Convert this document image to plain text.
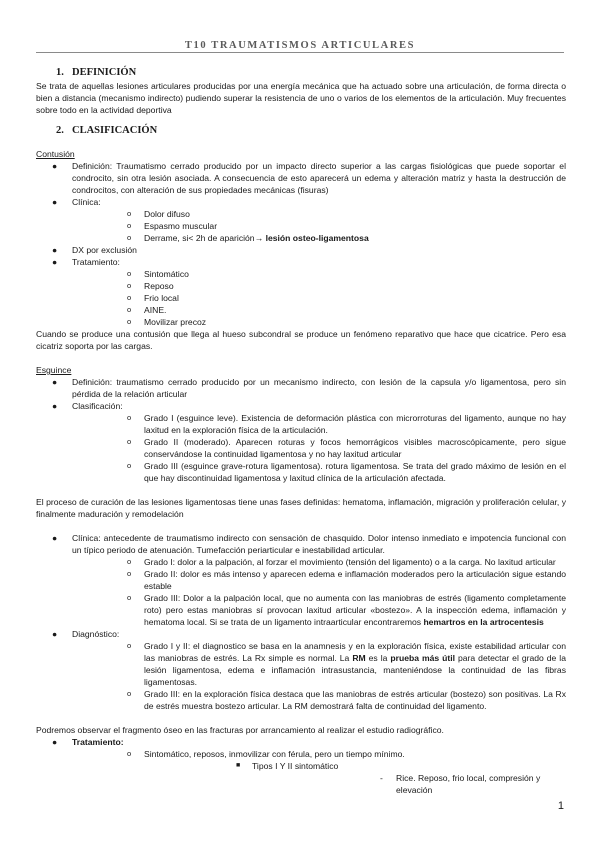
T10 TRAUMATISMOS ARTICULARES
1. DEFINICIÓN

Se trata de aquellas lesiones articulares producidas por una energía mecánica que ha actuado sobre una articulación, de forma directa o bien a distancia (mecanismo indirecto) pudiendo superar la resistencia de uno o varios de los elementos de la articulación. Muy frecuentes sobre todo en la actividad deportiva

2. CLASIFICACIÓN

Contusión

● Definición: Traumatismo cerrado producido por un impacto directo superior a las cargas fisiológicas que puede soportar el condrocito, sin otra lesión asociada. A consecuencia de esto aparecerá un edema y alteración matriz y hasta la destrucción de condrocitos, con alteración de sus propiedades mecánicas (fisuras)
● Clínica:
o Dolor difuso
o Espasmo muscular
o Derrame, si< 2h de aparición→ lesión osteo-ligamentosa
● DX por exclusión
● Tratamiento:
o Sintomático
o Reposo
o Frio local
o AINE.
o Movilizar precoz

Cuando se produce una contusión que llega al hueso subcondral se produce un fenómeno reparativo que hace que cicatrice. Pero esa cicatriz soporta por las cargas.

Esguince

● Definición: traumatismo cerrado producido por un mecanismo indirecto, con lesión de la capsula y/o ligamentosa, pero sin pérdida de la relación articular
● Clasificación:
o Grado I (esguince leve). Existencia de deformación plástica con microrroturas del ligamento, aunque no hay laxitud en la exploración física de la articulación.
o Grado II (moderado). Aparecen roturas y focos hemorrágicos visibles macroscópicamente, pero sigue conservándose la continuidad ligamentosa y no hay laxitud articular
o Grado III (esguince grave-rotura ligamentosa). rotura ligamentosa. Se trata del grado máximo de lesión en el que hay discontinuidad ligamentosa y laxitud clínica de la articulación afectada.

El proceso de curación de las lesiones ligamentosas tiene unas fases definidas: hematoma, inflamación, migración y proliferación celular, y finalmente maduración y remodelación

● Clínica: antecedente de traumatismo indirecto con sensación de chasquido. Dolor intenso inmediato e impotencia funcional con un típico periodo de atenuación. Tumefacción periarticular e inestabilidad articular.
o Grado I: dolor a la palpación, al forzar el movimiento (tensión del ligamento) o a la carga. No laxitud articular
o Grado II: dolor es más intenso y aparecen edema e inflamación moderados pero la articulación sigue estando estable
o Grado III: Dolor a la palpación local, que no aumenta con las maniobras de estrés (ligamento completamente roto) pero estas maniobras sí provocan laxitud articular «bostezo». A la inspección edema, inflamación y hematoma local. Si se trata de un ligamento intraarticular encontraremos hemartros en la artrocentesis
● Diagnóstico:
o Grado I y II: el diagnostico se basa en la anamnesis y en la exploración física, existe estabilidad articular con las maniobras de estrés. La Rx simple es normal. La RM es la prueba más útil para detectar el grado de la lesión ligamentosa, edema e inflamación intrasustancia, manteniéndose la continuidad de las fibras ligamentosas.
o Grado III: en la exploración física destaca que las maniobras de estrés articular (bostezo) son positivas. La Rx de estrés muestra bostezo articular. La RM demostrará falta de continuidad del ligamento.

Podremos observar el fragmento óseo en las fracturas por arrancamiento al realizar el estudio radiográfico.

● Tratamiento:
o Sintomático, reposos, inmovilizar con férula, pero un tiempo mínimo.
■ Tipos I Y II sintomático
- Rice. Reposo, frio local, compresión y elevación
1
